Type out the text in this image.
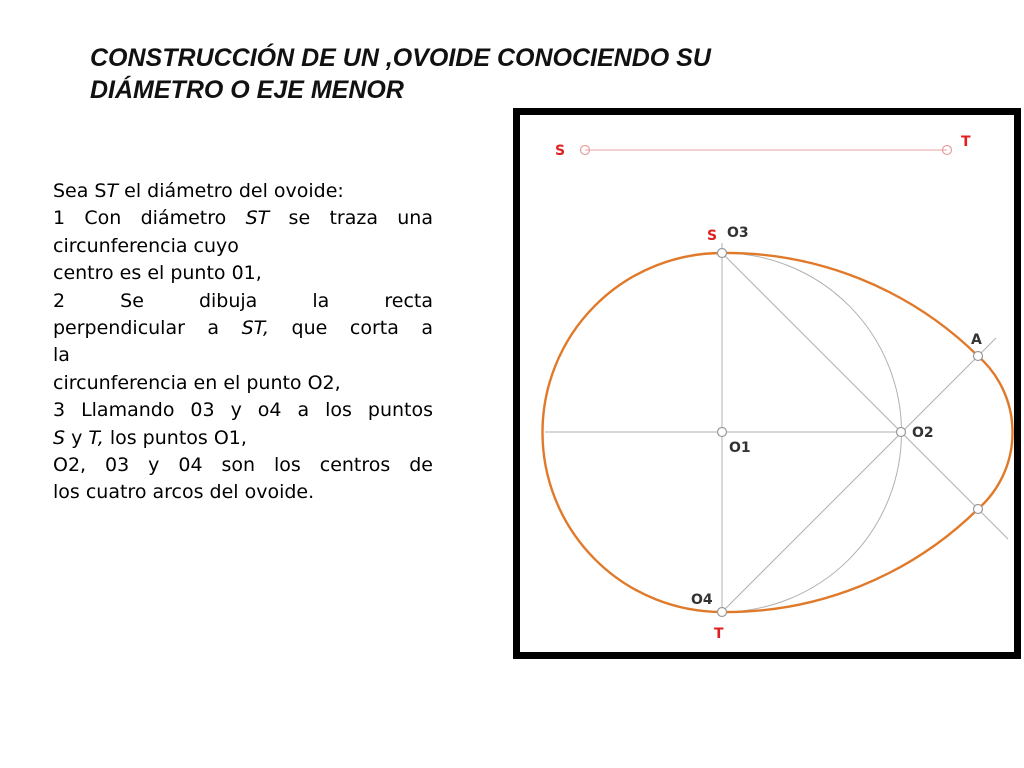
CONSTRUCCIÓN DE UN ,OVOIDE CONOCIENDO SU
DIÁMETRO O EJE MENOR
Sea ST el diámetro del ovoide:
1 Con diámetro ST se traza una
circunferencia cuyo
centro es el punto 01,
2 Se dibuja la recta
perpendicular a ST, que corta a
la
circunferencia en el punto O2,
3 Llamando 03 y o4 a los puntos
S y T, los puntos O1,
O2, 03 y 04 son los centros de
los cuatro arcos del ovoide.
S
T
S O3
A
O2
O1
O4
T
